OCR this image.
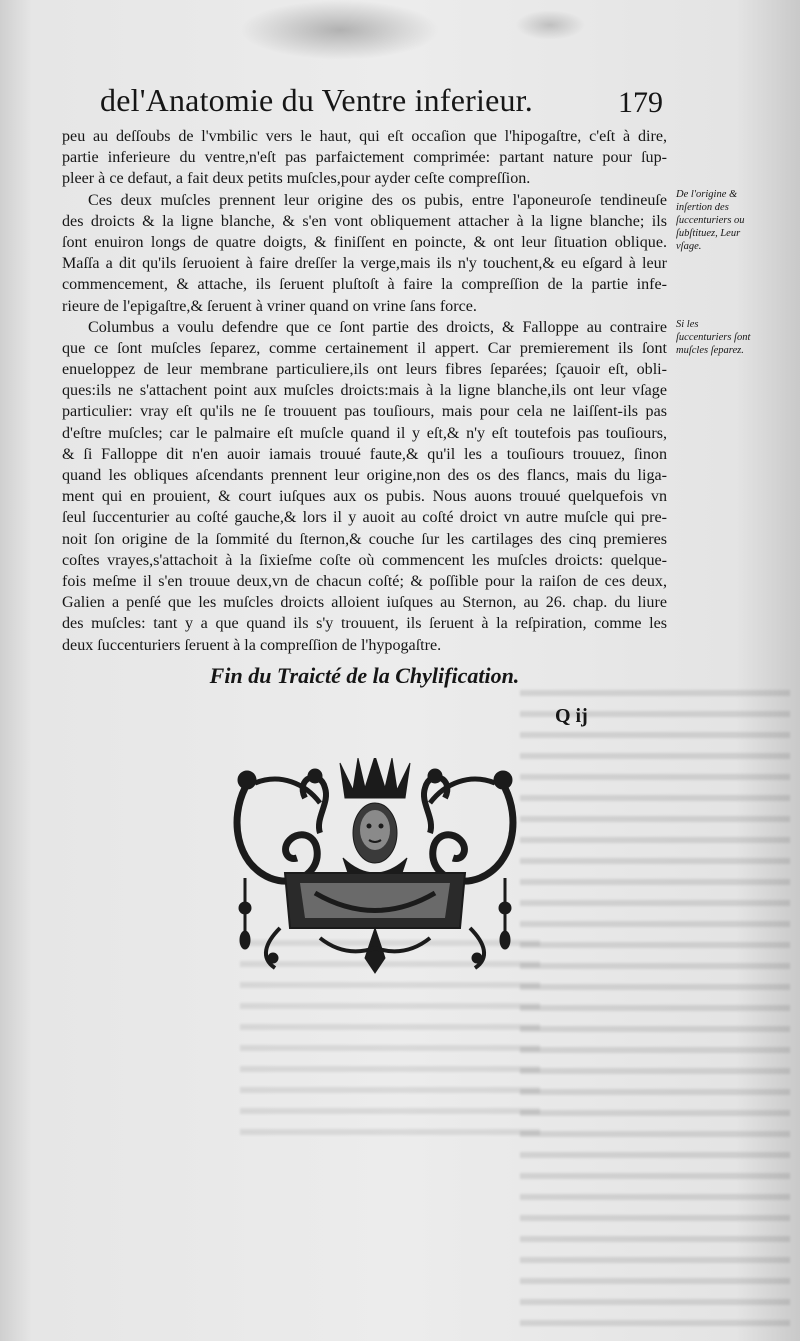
del'Anatomie du Ventre inferieur.	179
peu au deſſoubs de l'vmbilic vers le haut, qui eſt occaſion que l'hipogaſtre, c'eſt à dire,
partie inferieure du ventre,n'eſt pas parfaictement comprimée: partant nature pour ſup-
pleer à ce defaut, a fait deux petits muſcles,pour ayder ceſte compreſſion.
Ces deux muſcles prennent leur origine des os pubis, entre l'aponeuroſe tendineuſe
des droicts & la ligne blanche, & s'en vont obliquement attacher à la ligne blanche; ils
ſont enuiron longs de quatre doigts, & finiſſent en poincte, & ont leur ſituation oblique.
Maſſa a dit qu'ils ſeruoient à faire dreſſer la verge,mais ils n'y touchent,& eu eſgard à leur
commencement, & attache, ils ſeruent pluſtoſt à faire la compreſſion de la partie infe-
rieure de l'epigaſtre,& ſeruent à vriner quand on vrine ſans force.
Columbus a voulu defendre que ce ſont partie des droicts, & Falloppe au contraire
que ce ſont muſcles ſeparez, comme certainement il appert. Car premierement ils ſont
enueloppez de leur membrane particuliere,ils ont leurs fibres ſeparées; ſçauoir eſt, obli-
ques:ils ne s'attachent point aux muſcles droicts:mais à la ligne blanche,ils ont leur vſage
particulier: vray eſt qu'ils ne ſe trouuent pas touſiours, mais pour cela ne laiſſent-ils pas
d'eſtre muſcles; car le palmaire eſt muſcle quand il y eſt,& n'y eſt toutefois pas touſiours,
& ſi Falloppe dit n'en auoir iamais trouué faute,& qu'il les a touſiours trouuez, ſinon
quand les obliques aſcendants prennent leur origine,non des os des flancs, mais du liga-
ment qui en prouient, & court iuſques aux os pubis. Nous auons trouué quelquefois vn
ſeul ſuccenturier au coſté gauche,& lors il y auoit au coſté droict vn autre muſcle qui pre-
noit ſon origine de la ſommité du ſternon,& couche ſur les cartilages des cinq premieres
coſtes vrayes,s'attachoit à la ſixieſme coſte où commencent les muſcles droicts: quelque-
fois meſme il s'en trouue deux,vn de chacun coſté; & poſſible pour la raiſon de ces deux,
Galien a penſé que les muſcles droicts alloient iuſques au Sternon, au 26. chap. du liure
des muſcles: tant y a que quand ils s'y trouuent, ils ſeruent à la reſpiration, comme les
deux ſuccenturiers ſeruent à la compreſſion de l'hypogaſtre.
De l'origine & inſertion des ſuccenturiers ou ſubſtituez, Leur vſage.
Si les ſuccenturiers ſont muſcles ſeparez.
Fin du Traicté de la Chylification.
Q ij
